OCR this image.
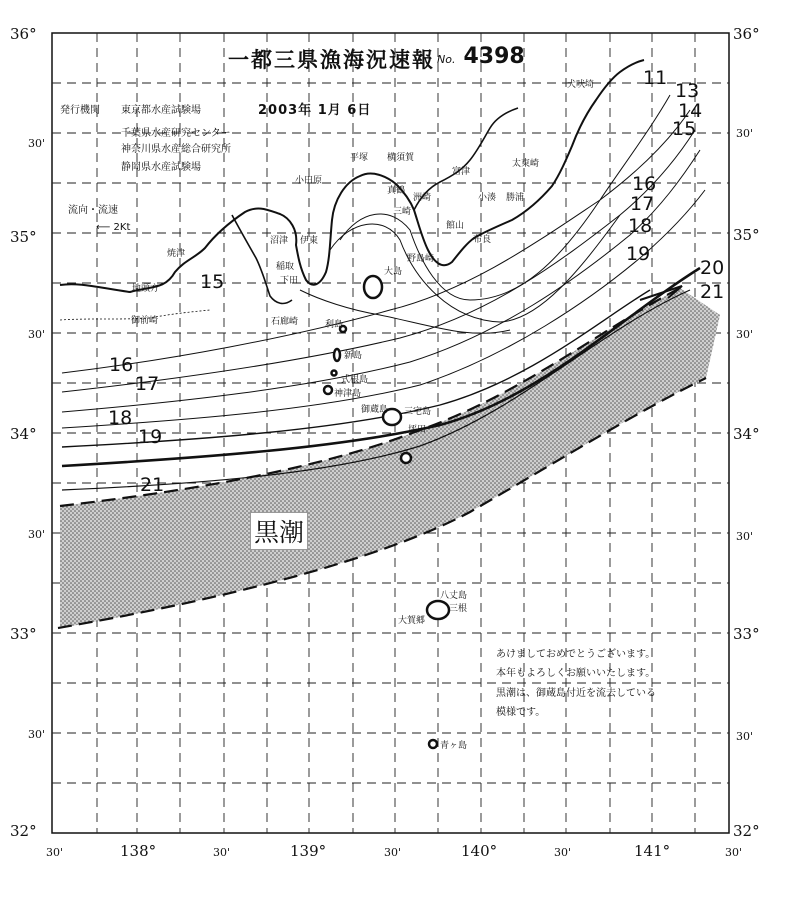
36°
30'
35°
30'
34°
30'
33°
30'
32°
36°
30'
35°
30'
34°
30'
33°
30'
32°
30'	138°	30'	139°	30'	140°	30'	141°	30'
11
13
14
15
15
16
17
18
19
20
21
16
17
18
19
21
犬吠埼
太東崎
勝浦
小湊
館山
平塚 横須賀
三崎
富津
布良
野島崎
小田原
洲崎
真鶴
沼津 伊東
稲取
下田
焼津
石廊崎
御前崎
地頭方
大島
利島
新島
式根島
神津島
御蔵島 三宅島
坪田
八丈島
大賀郷
三根
青ヶ島
一都三県漁海況速報 No. 4398
発行機関 東京都水産試験場
千葉県水産研究センター
神奈川県水産総合研究所
静岡県水産試験場
2003年 1月 6日
流向・流速
⟵ 2Kt
黒潮
あけましておめでとうございます。
本年もよろしくお願いいたします。
黒潮は、御蔵島付近を流去している
模様です。
